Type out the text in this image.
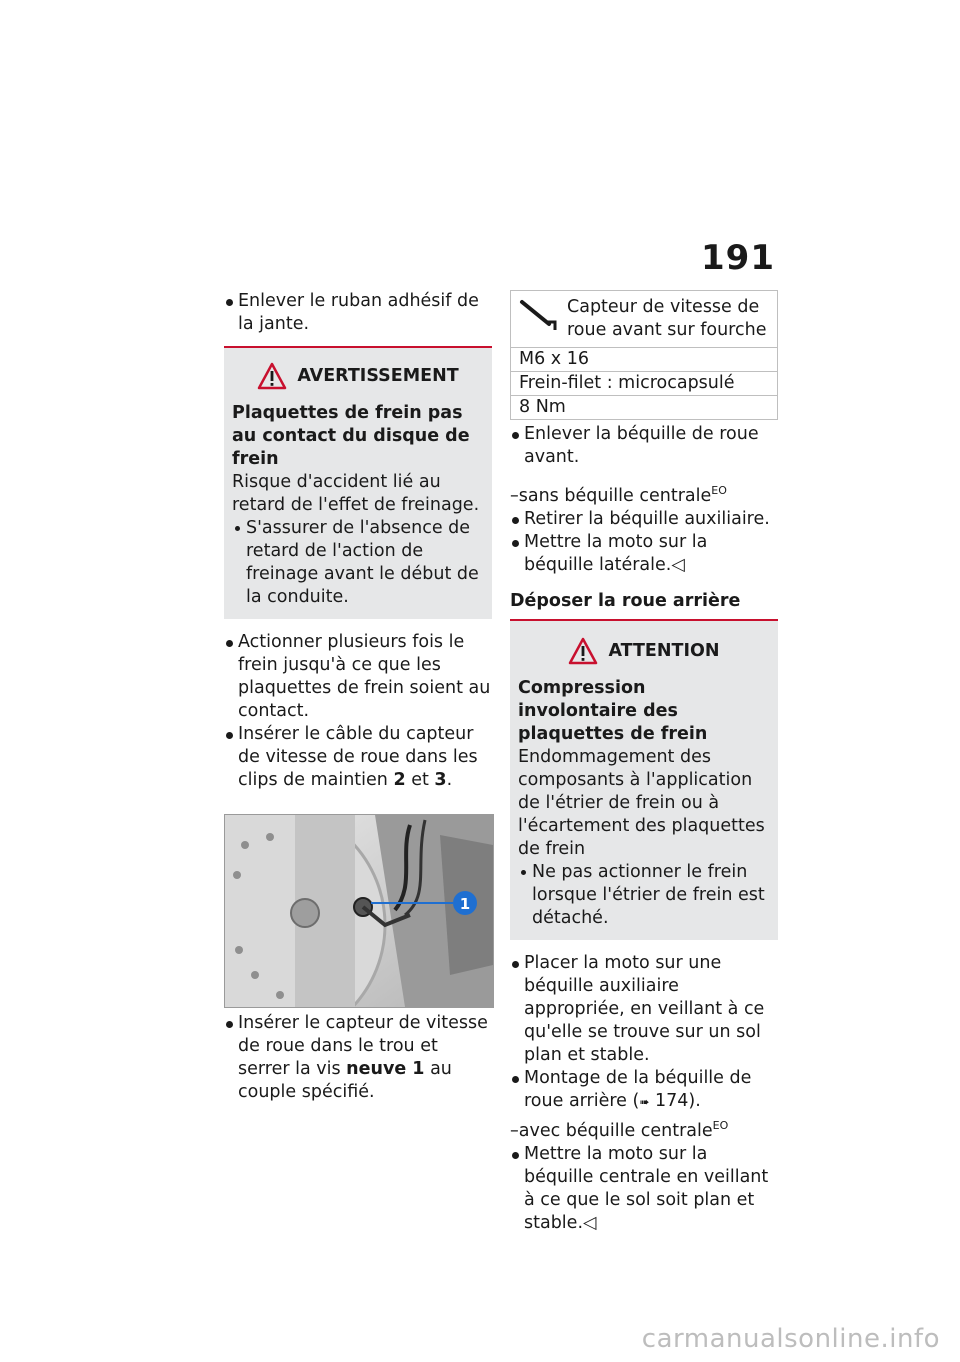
191
Enlever le ruban adhésif de la jante.
AVERTISSEMENT
Plaquettes de frein pas au contact du disque de frein
Risque d'accident lié au retard de l'effet de freinage.
S'assurer de l'absence de retard de l'action de freinage avant le début de la conduite.
Actionner plusieurs fois le frein jusqu'à ce que les plaquettes de frein soient au contact.
Insérer le câble du capteur de vitesse de roue dans les clips de maintien 2 et 3.
1
Insérer le capteur de vitesse de roue dans le trou et serrer la vis neuve 1 au couple spécifié.
Capteur de vitesse de roue avant sur fourche

M6 x 16
Frein-filet : microcapsulé
8 Nm
Enlever la béquille de roue avant.
–sans béquille centrale$^{EO}$
Retirer la béquille auxiliaire.
Mettre la moto sur la béquille latérale.◁
Déposer la roue arrière
ATTENTION
Compression involontaire des plaquettes de frein
Endommagement des composants à l'application de l'étrier de frein ou à l'écartement des plaquettes de frein
Ne pas actionner le frein lorsque l'étrier de frein est détaché.
Placer la moto sur une béquille auxiliaire appropriée, en veillant à ce qu'elle se trouve sur un sol plan et stable.
Montage de la béquille de roue arrière (➠ 174).
–avec béquille centrale$^{EO}$
Mettre la moto sur la béquille centrale en veillant à ce que le sol soit plan et stable.◁
carmanualsonline.info
